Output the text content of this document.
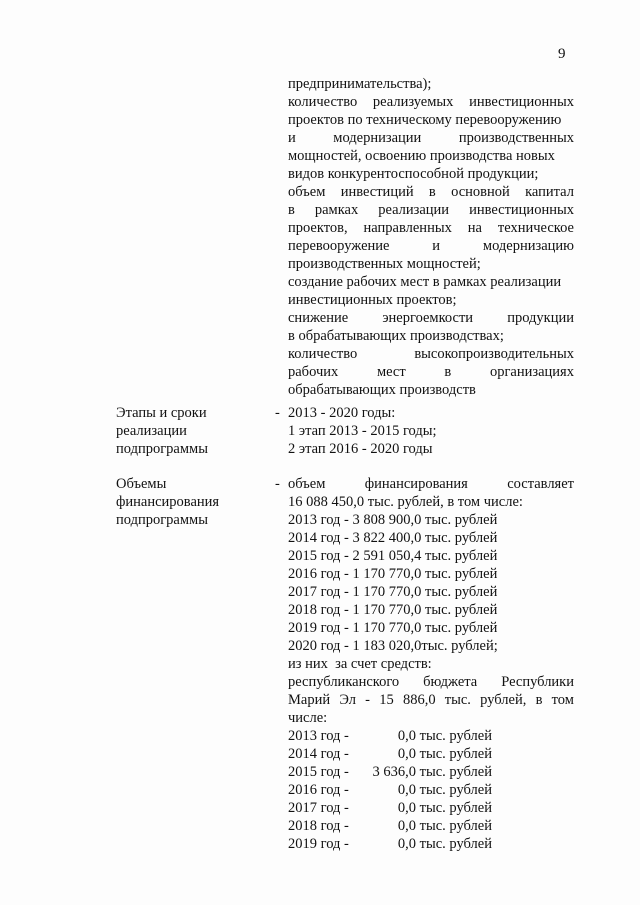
9
предпринимательства);
количество реализуемых инвестиционных
проектов по техническому перевооружению
и	модернизации	производственных
мощностей, освоению производства новых
видов конкурентоспособной продукции;
объем инвестиций в основной капитал
в рамках реализации инвестиционных
проектов, направленных на техническое
перевооружение	и	модернизацию
производственных мощностей;
создание рабочих мест в рамках реализации
инвестиционных проектов;
снижение энергоемкости продукции
в обрабатывающих производствах;
количество	высокопроизводительных
рабочих	мест	в	организациях
обрабатывающих производств
Этапы и сроки
реализации
подпрограммы
- 2013 - 2020 годы:
1 этап 2013 - 2015 годы;
2 этап 2016 - 2020 годы
Объемы
финансирования
подпрограммы
- объем	финансирования	составляет
16 088 450,0 тыс. рублей, в том числе:
2013 год - 3 808 900,0 тыс. рублей
2014 год - 3 822 400,0 тыс. рублей
2015 год - 2 591 050,4 тыс. рублей
2016 год - 1 170 770,0 тыс. рублей
2017 год - 1 170 770,0 тыс. рублей
2018 год - 1 170 770,0 тыс. рублей
2019 год - 1 170 770,0 тыс. рублей
2020 год - 1 183 020,0тыс. рублей;
из них  за счет средств:
республиканского бюджета Республики
Марий Эл - 15 886,0 тыс. рублей, в том
числе:
2013 год -	0,0 тыс. рублей
2014 год -	0,0 тыс. рублей
2015 год - 3 636,0 тыс. рублей
2016 год -	0,0 тыс. рублей
2017 год -	0,0 тыс. рублей
2018 год -	0,0 тыс. рублей
2019 год -	0,0 тыс. рублей
